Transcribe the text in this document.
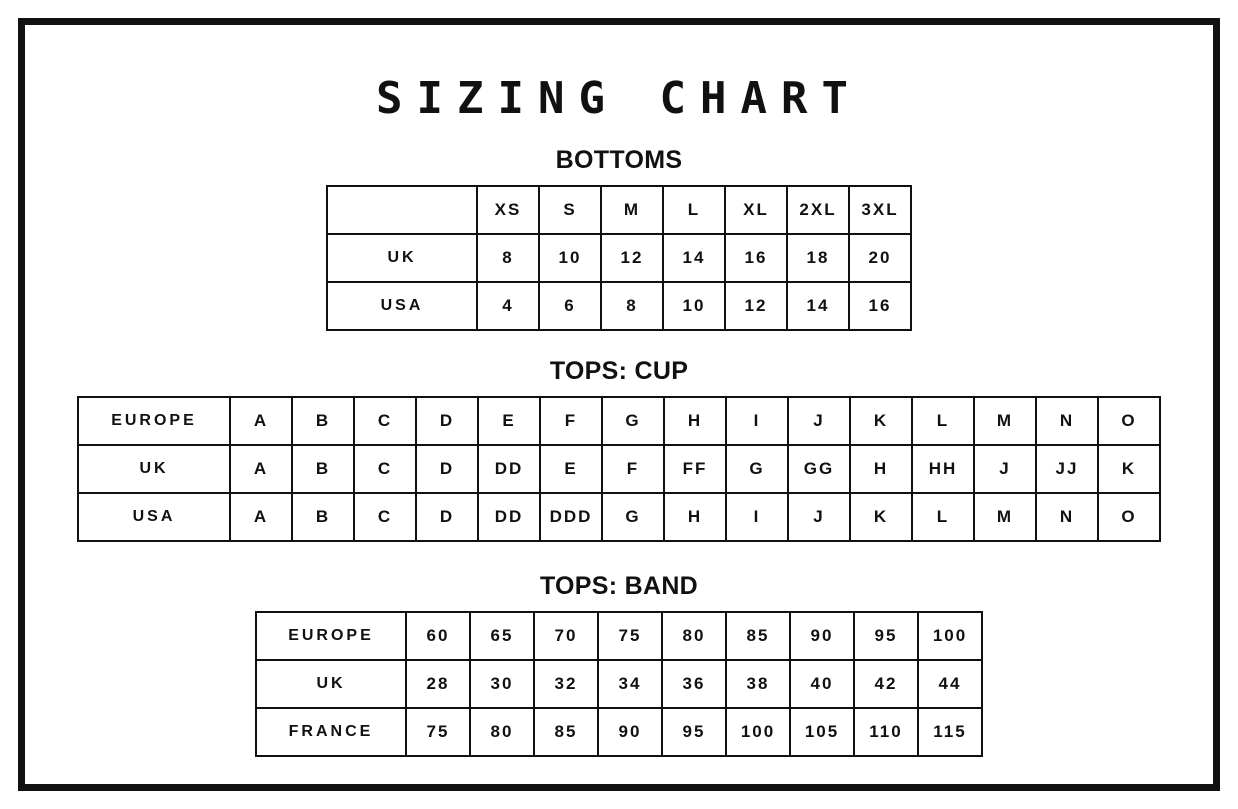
SIZING CHART
BOTTOMS
	XS	S	M	L	XL	2XL	3XL
UK	8	10	12	14	16	18	20
USA	4	6	8	10	12	14	16
TOPS: CUP
EUROPE	A	B	C	D	E	F	G	H	I	J	K	L	M	N	O
UK	A	B	C	D	DD	E	F	FF	G	GG	H	HH	J	JJ	K
USA	A	B	C	D	DD	DDD	G	H	I	J	K	L	M	N	O
TOPS: BAND
EUROPE	60	65	70	75	80	85	90	95	100
UK	28	30	32	34	36	38	40	42	44
FRANCE	75	80	85	90	95	100	105	110	115
